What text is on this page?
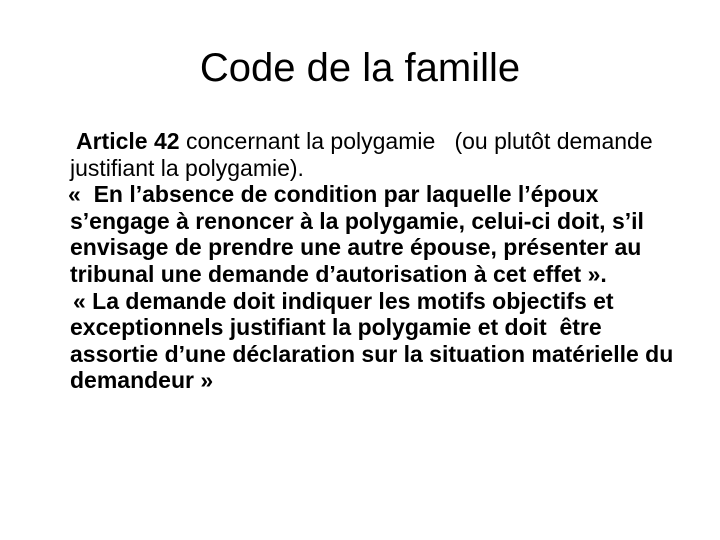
Code de la famille

Article 42 concernant la polygamie   (ou plutôt demande justifiant la polygamie).

«  En l’absence de condition par laquelle l’époux s’engage à renoncer à la polygamie, celui-ci doit, s’il  envisage de prendre une autre épouse, présenter au tribunal une demande d’autorisation à cet effet ».

« La demande doit indiquer les motifs objectifs et exceptionnels justifiant la polygamie et doit  être assortie d’une déclaration sur la situation matérielle du demandeur »
